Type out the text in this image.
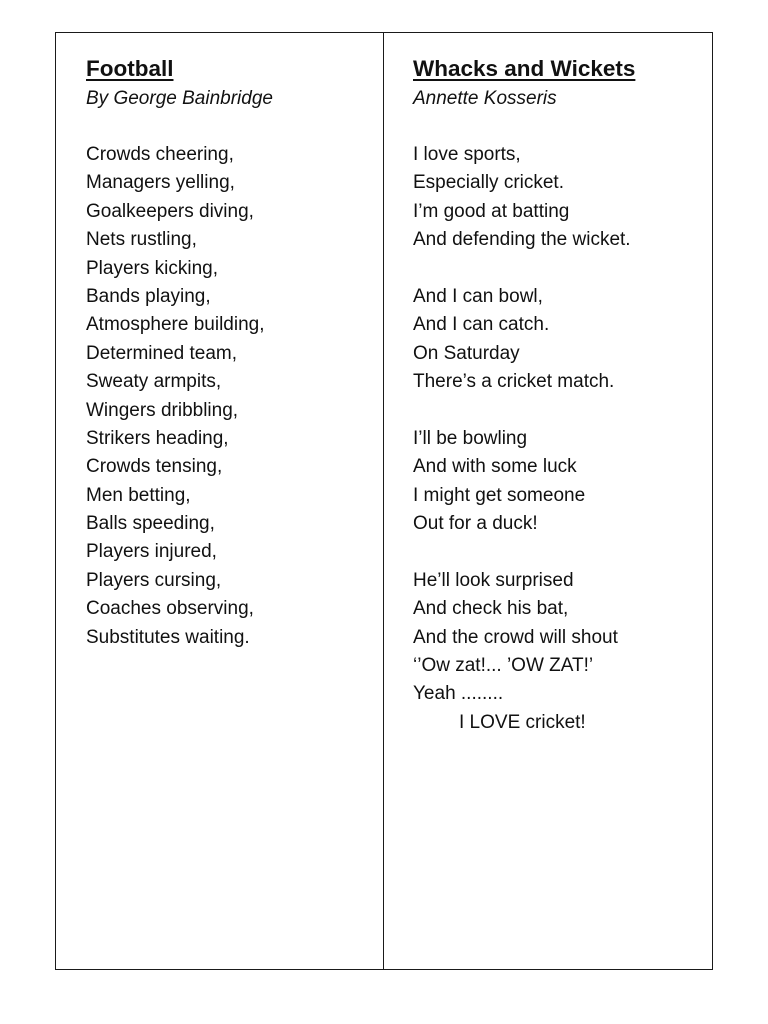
Football

By George Bainbridge

Crowds cheering,
Managers yelling,
Goalkeepers diving,
Nets rustling,
Players kicking,
Bands playing,
Atmosphere building,
Determined team,
Sweaty armpits,
Wingers dribbling,
Strikers heading,
Crowds tensing,
Men betting,
Balls speeding,
Players injured,
Players cursing,
Coaches observing,
Substitutes waiting.
Whacks and Wickets

Annette Kosseris

I love sports,
Especially cricket.
I’m good at batting
And defending the wicket.
And I can bowl,
And I can catch.
On Saturday
There’s a cricket match.
I’ll be bowling
And with some luck
I might get someone
Out for a duck!
He’ll look surprised
And check his bat,
And the crowd will shout
‘’Ow zat!... ’OW ZAT!’
Yeah ........
I LOVE cricket!
